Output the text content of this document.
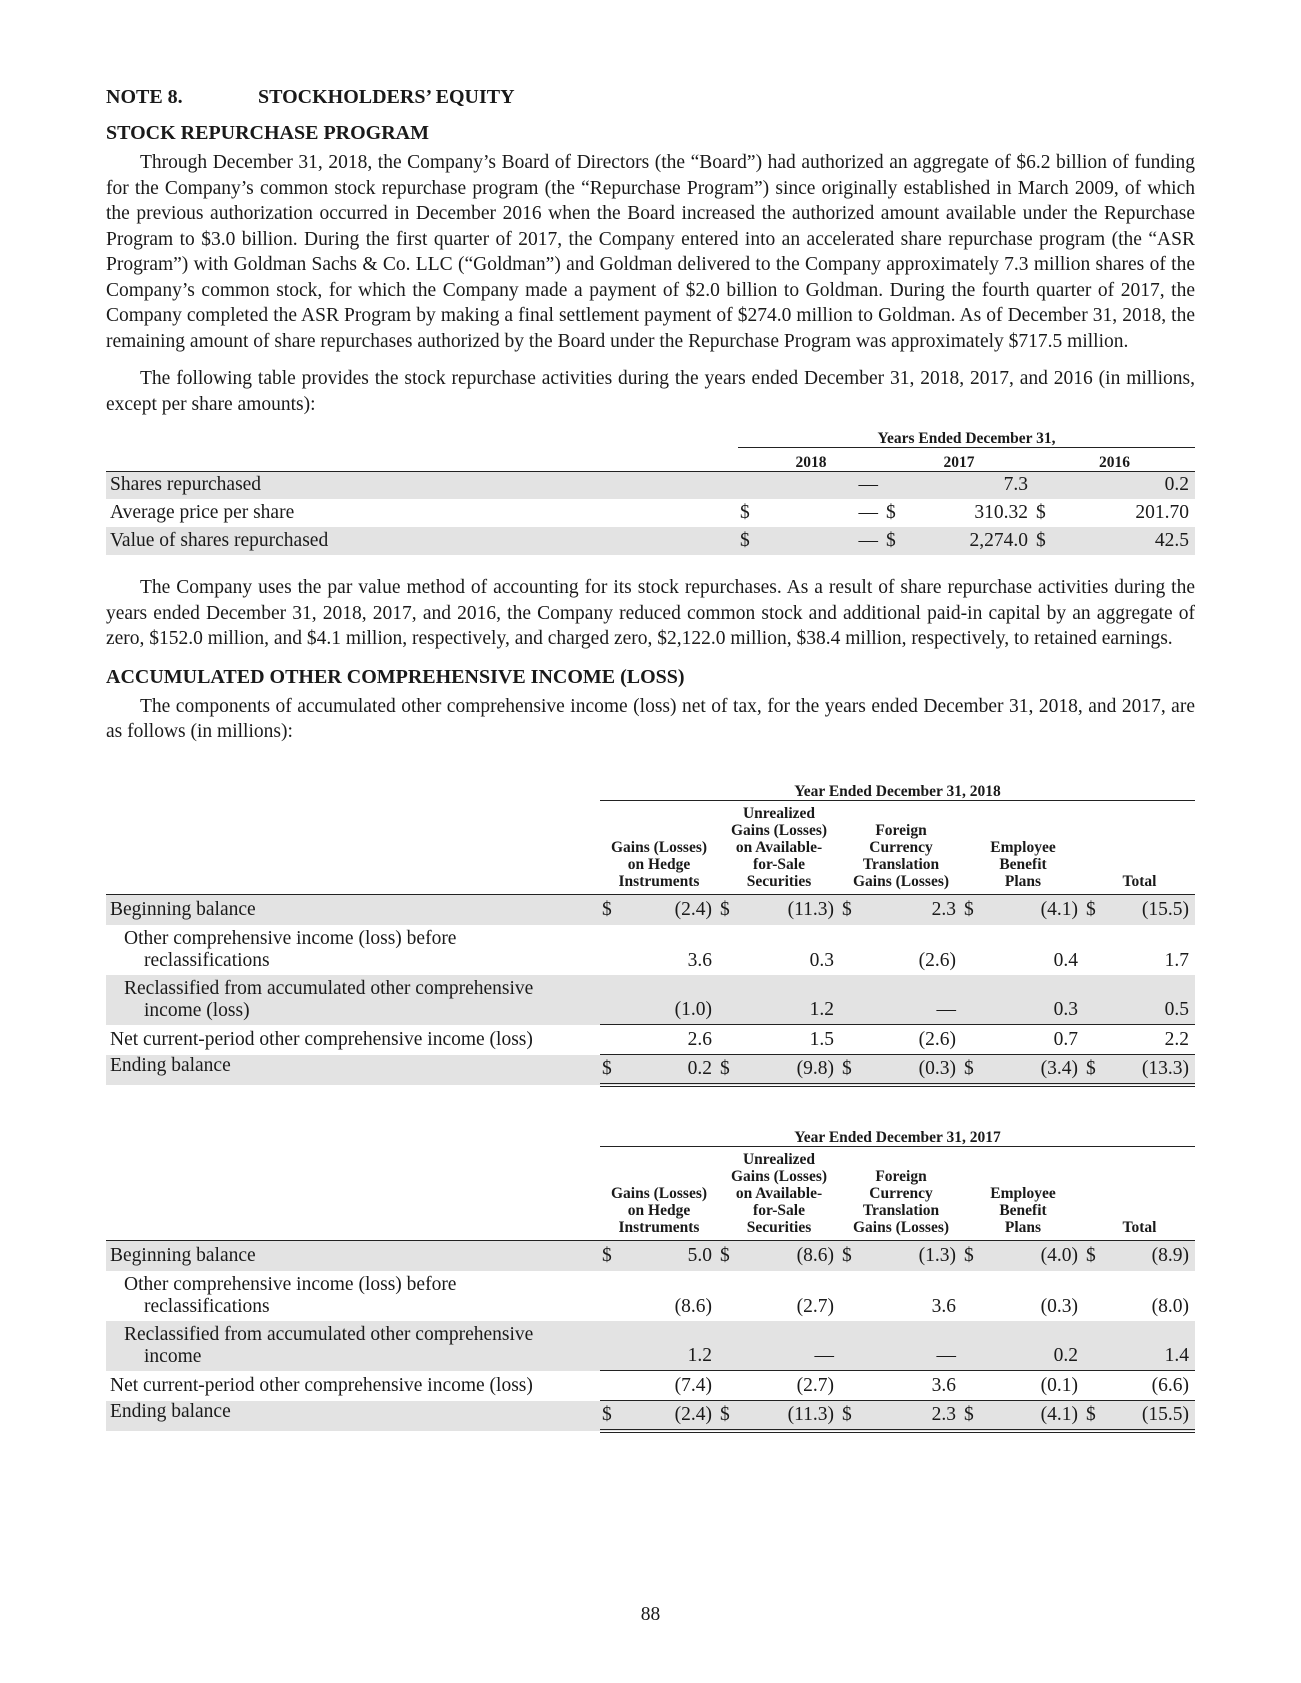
NOTE 8.	STOCKHOLDERS’ EQUITY
STOCK REPURCHASE PROGRAM

Through December 31, 2018, the Company’s Board of Directors (the “Board”) had authorized an aggregate of $6.2 billion of funding for the Company’s common stock repurchase program (the “Repurchase Program”) since originally established in March 2009, of which the previous authorization occurred in December 2016 when the Board increased the authorized amount available under the Repurchase Program to $3.0 billion. During the first quarter of 2017, the Company entered into an accelerated share repurchase program (the “ASR Program”) with Goldman Sachs & Co. LLC (“Goldman”) and Goldman delivered to the Company approximately 7.3 million shares of the Company’s common stock, for which the Company made a payment of $2.0 billion to Goldman. During the fourth quarter of 2017, the Company completed the ASR Program by making a final settlement payment of $274.0 million to Goldman. As of December 31, 2018, the remaining amount of share repurchases authorized by the Board under the Repurchase Program was approximately $717.5 million.

The following table provides the stock repurchase activities during the years ended December 31, 2018, 2017, and 2016 (in millions, except per share amounts):

	Years Ended December 31,					
	2018		2017		2016	
Shares repurchased		—		7.3		0.2
Average price per share	$	—	$	310.32	$	201.70
Value of shares repurchased	$	—	$	2,274.0	$	42.5

The Company uses the par value method of accounting for its stock repurchases. As a result of share repurchase activities during the years ended December 31, 2018, 2017, and 2016, the Company reduced common stock and additional paid-in capital by an aggregate of zero, $152.0 million, and $4.1 million, respectively, and charged zero, $2,122.0 million, $38.4 million, respectively, to retained earnings.

ACCUMULATED OTHER COMPREHENSIVE INCOME (LOSS)

The components of accumulated other comprehensive income (loss) net of tax, for the years ended December 31, 2018, and 2017, are as follows (in millions):

	Year Ended December 31, 2018									
	Gains (Losses) on Hedge Instruments		Unrealized Gains (Losses) on Available-for-Sale Securities		Foreign Currency Translation Gains (Losses)		Employee Benefit Plans		Total	
Beginning balance	$	(2.4)	$	(11.3)	$	2.3	$	(4.1)	$	(15.5)
Other comprehensive income (loss) before
reclassifications		3.6		0.3		(2.6)		0.4		1.7
Reclassified from accumulated other comprehensive
income (loss)		(1.0)		1.2		—		0.3		0.5
Net current-period other comprehensive income (loss)		2.6		1.5		(2.6)		0.7		2.2
Ending balance	$	0.2	$	(9.8)	$	(0.3)	$	(3.4)	$	(13.3)
	Year Ended December 31, 2017									
	Gains (Losses) on Hedge Instruments		Unrealized Gains (Losses) on Available-for-Sale Securities		Foreign Currency Translation Gains (Losses)		Employee Benefit Plans		Total	
Beginning balance	$	5.0	$	(8.6)	$	(1.3)	$	(4.0)	$	(8.9)
Other comprehensive income (loss) before
reclassifications		(8.6)		(2.7)		3.6		(0.3)		(8.0)
Reclassified from accumulated other comprehensive
income		1.2		—		—		0.2		1.4
Net current-period other comprehensive income (loss)		(7.4)		(2.7)		3.6		(0.1)		(6.6)
Ending balance	$	(2.4)	$	(11.3)	$	2.3	$	(4.1)	$	(15.5)
88
